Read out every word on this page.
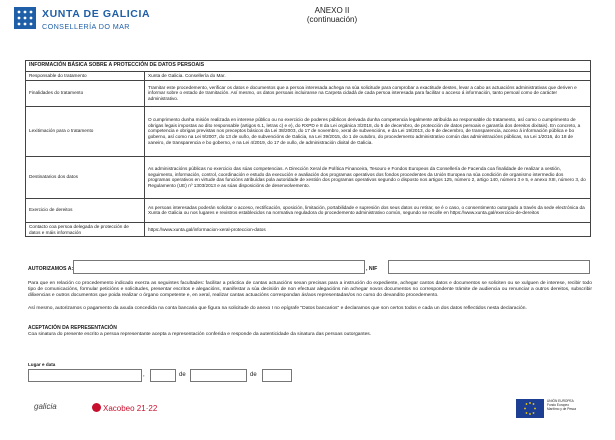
XUNTA DE GALICIA
CONSELLERÍA DO MAR
ANEXO II
(continuación)
INFORMACIÓN BÁSICA SOBRE A PROTECCIÓN DE DATOS PERSOAIS	
Responsable do tratamento	Xunta de Galicia. Consellería do Mar.
Finalidades do tratamento	Tramitar este procedemento, verificar os datos e documentos que a persoa interesada achega na súa solicitude para comprobar a exactitude destes, levar a cabo as actuacións administrativas que deriven e informar sobre o estado de tramitación. Así mesmo, os datos persoais incluiranse na Carpeta cidadá de cada persoa interesada para facilitar o acceso á información, tanto persoal como de carácter administrativo.
Lexitimación para o tratamento	O cumprimento dunha misión realizada en interese público ou no exercicio de poderes públicos derivada dunha competencia legalmente atribuída ao responsable do tratamento, así como o cumprimento de obrigas legais impostas ao dito responsable (artigos 6.1, letras c) e e), do RXPD e 8 da Lei orgánica 3/2018, do 5 de decembro, de protección de datos persoais e garantía dos dereitos dixitais). En concreto, a competencia e obrigas previstas nos preceptos básicos da Lei 38/2003, do 17 de novembro, xeral de subvencións, e da Lei 19/2013, do 9 de decembro, de transparencia, acceso á información pública e bo goberno, así como na Lei 9/2007, do 13 de xuño, de subvencións de Galicia, na Lei 39/2015, do 1 de outubro, do procedemento administrativo común das administracións públicas, na Lei 1/2016, do 18 de xaneiro, de transparencia e bo goberno, e na Lei 4/2019, do 17 de xullo, de administración dixital de Galicia.
Destinatarios dos datos	As administracións públicas no exercicio das súas competencias. A Dirección Xeral de Política Financeira, Tesouro e Fondos Europeos da Consellería de Facenda coa finalidade de realizar a xestión, seguimento, información, control, coordinación e estudo da execución e avaliación dos programas operativos dos fondos procedentes da Unión Europea na súa condición de organismo intermedio dos programas operativos en virtude das funcións atribuídas pola autoridade de xestión dos programas operativos segundo o disposto nos artigos 125, número 2, artigo 140, número 3 e 5, e anexo XIII, número 3, do Regulamento (UE) nº 1303/2013 e as súas disposicións de desenvolvemento.
Exercicio de dereitos	As persoas interesadas poderán solicitar o acceso, rectificación, oposición, limitación, portabilidade e supresión dos seus datos ou retirar, se é o caso, o consentimento outorgado a través da sede electrónica da Xunta de Galicia ou nos lugares e rexistros establecidos na normativa reguladora do procedemento administrativo común, segundo se recolle en https://www.xunta.gal/exercicio-de-dereitos
Contacto coa persoa delegada de protección de datos e máis información	https://www.xunta.gal/informacion-xeral-proteccion-datos
AUTORIZAMOS A:	, NIF
Para que en relación co procedemento indicado exerza as seguintes facultades: facilitar a práctica de cantas actuacións sexan precisas para a instrución do expediente, achegar cantos datos e documentos se soliciten ou se xulguen de interese, recibir todo tipo de comunicacións, formular peticións e solicitudes, presentar escritos e alegacións, manifestar a súa decisión de non efectuar alegacións nin achegar novos documentos no correspondente trámite de audiencia ou renunciar a outros dereitos, subscribir dilixencias e outros documentos que poida realizar o órgano competente e, en xeral, realizar cantas actuacións correspondan ás/aos representadas/os no curso do devandito procedemento.
Así mesmo, autorizamos o pagamento da axuda concedida na conta bancaria que figura na solicitude do anexo I no epígrafe "Datos bancarios" e declaramos que son certos todos e cada un dos datos reflectidos nesta declaración.
ACEPTACIÓN DA REPRESENTACIÓN
Coa sinatura do presente escrito a persoa representante acepta a representación conferida e responde da autenticidade da sinatura das persoas outorgantes.
Lugar e data
,	de	de
galicia	Xacobeo 21·22
UNIÓN EUROPEA
Fondo Europeo
Marítimo y de Pesca
